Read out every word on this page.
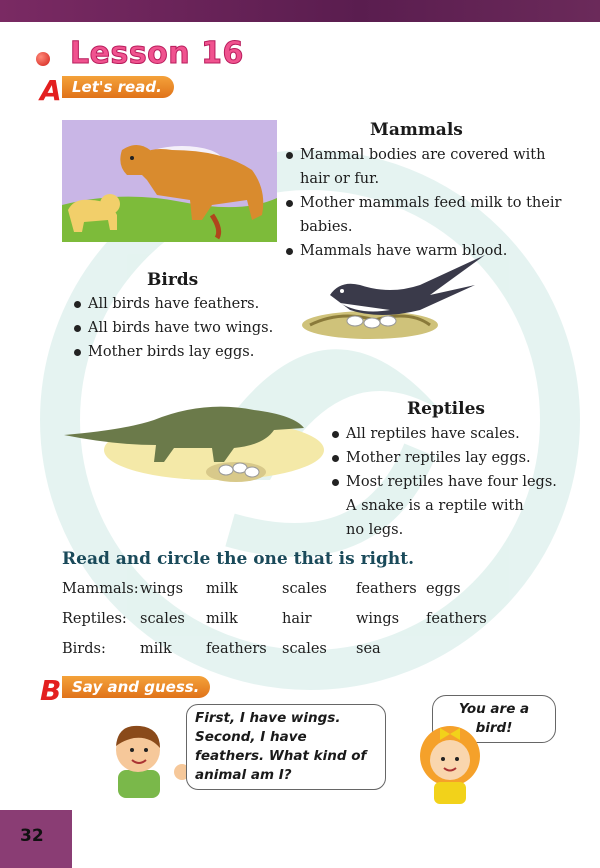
Lesson 16
A Let's read.
Mammals
Mammal bodies are covered with hair or fur.
Mother mammals feed milk to their babies.
Mammals have warm blood.
Birds
All birds have feathers.
All birds have two wings.
Mother birds lay eggs.
Reptiles
All reptiles have scales.
Mother reptiles lay eggs.
Most reptiles have four legs.
A snake is a reptile with no legs.
Read and circle the one that is right.
Mammals: wings milk	scales feathers eggs
Reptiles: scales milk	hair	wings feathers
Birds: milk feathers scales sea
B Say and guess.
First, I have wings. Second, I have feathers. What kind of animal am I?
You are a bird!
32
